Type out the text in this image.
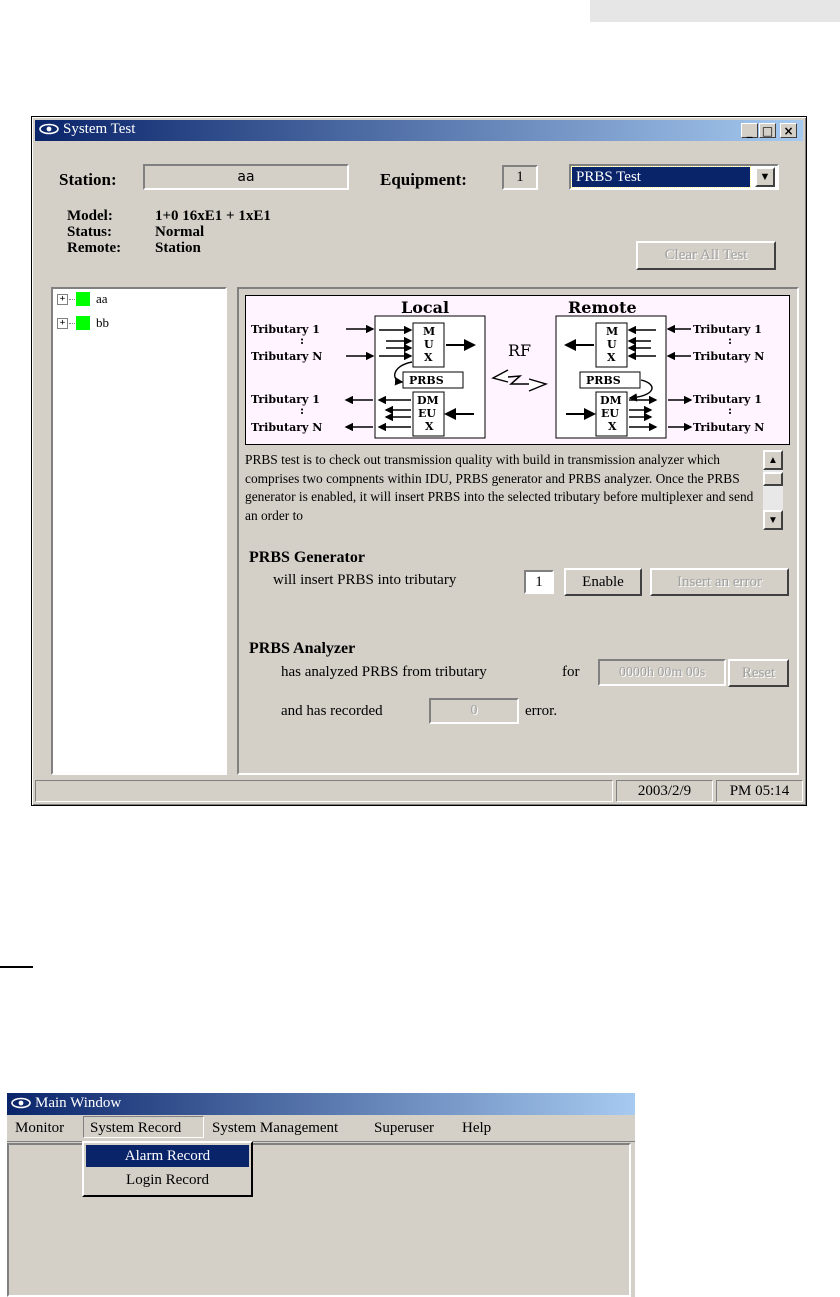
System Test	_ □ ×
Station:	aa	Equipment:	1	PRBS Test	▼
Model:	1+0 16xE1 + 1xE1
Status:	Normal
Remote: Station	Clear All Test
+ aa
+ bb
Local	Remote
RF
Tributary 1
:
Tributary N
Tributary 1
:
Tributary N
Tributary 1
:
Tributary N
Tributary 1
:
Tributary N
PRBS	PRBS
M
U
X
M
U
X
DM
EU
X
DM
EU
X
PRBS test is to check out transmission quality with build in transmission analyzer which comprises two compnents within IDU, PRBS generator and PRBS analyzer. Once the PRBS generator is enabled, it will insert PRBS into the selected tributary before multiplexer and send an order to
▲
▼
PRBS Generator
will insert PRBS into tributary	1	Enable	Insert an error
PRBS Analyzer
has analyzed PRBS from tributary	for	0000h 00m 00s	Reset
and has recorded	0	error.
2003/2/9	PM 05:14
Main Window
Monitor System Record System Management Superuser Help
Alarm Record
Login Record
